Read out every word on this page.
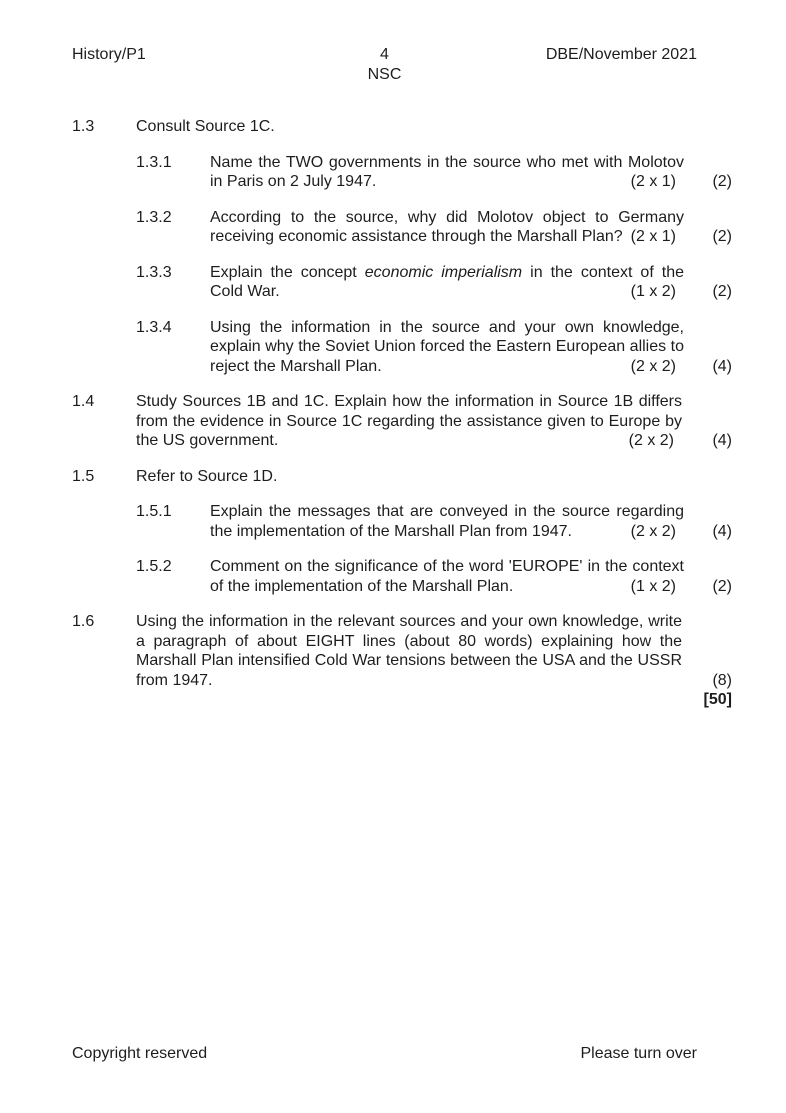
History/P1	4	DBE/November 2021
NSC
1.3	Consult Source 1C.
1.3.1	Name the TWO governments in the source who met with Molotov in Paris on 2 July 1947.	(2 x 1)	(2)
1.3.2	According to the source, why did Molotov object to Germany receiving economic assistance through the Marshall Plan? (2 x 1)	(2)
1.3.3	Explain the concept economic imperialism in the context of the Cold War.	(1 x 2)	(2)
1.3.4	Using the information in the source and your own knowledge, explain why the Soviet Union forced the Eastern European allies to reject the Marshall Plan.	(2 x 2)	(4)
1.4	Study Sources 1B and 1C. Explain how the information in Source 1B differs from the evidence in Source 1C regarding the assistance given to Europe by the US government.	(2 x 2)	(4)
1.5	Refer to Source 1D.
1.5.1	Explain the messages that are conveyed in the source regarding the implementation of the Marshall Plan from 1947.	(2 x 2)	(4)
1.5.2	Comment on the significance of the word 'EUROPE' in the context of the implementation of the Marshall Plan.	(1 x 2)	(2)
1.6	Using the information in the relevant sources and your own knowledge, write a paragraph of about EIGHT lines (about 80 words) explaining how the Marshall Plan intensified Cold War tensions between the USA and the USSR from 1947.	(8)
[50]
Copyright reserved	Please turn over
